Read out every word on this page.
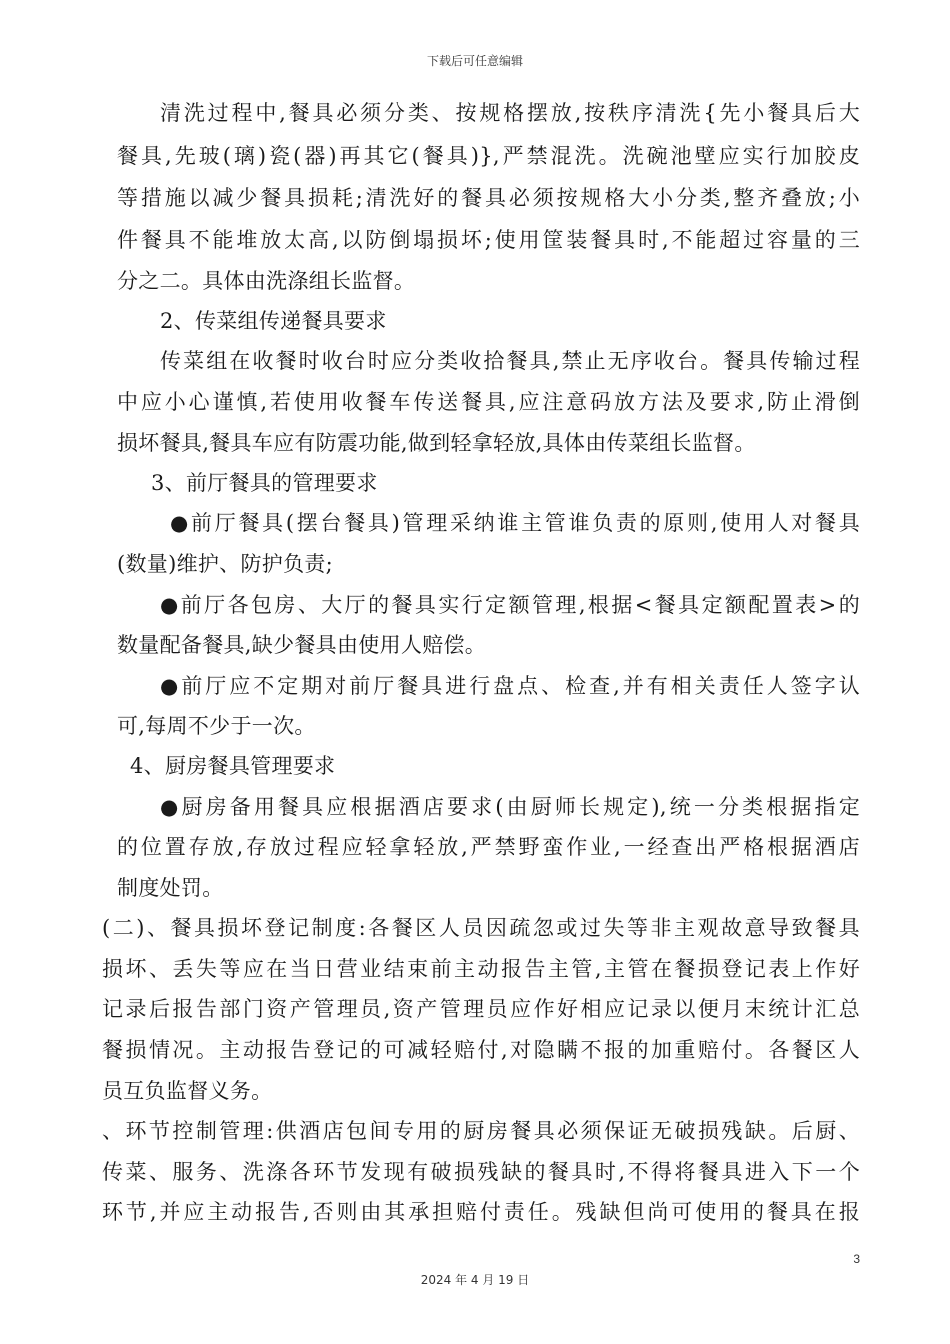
下载后可任意编辑
清洗过程中,餐具必须分类、按规格摆放,按秩序清洗{先小餐具后大
餐具,先玻(璃)瓷(器)再其它(餐具)},严禁混洗。洗碗池壁应实行加胶皮
等措施以减少餐具损耗;清洗好的餐具必须按规格大小分类,整齐叠放;小
件餐具不能堆放太高,以防倒塌损坏;使用筐装餐具时,不能超过容量的三
分之二。具体由洗涤组长监督。
2、传菜组传递餐具要求
传菜组在收餐时收台时应分类收拾餐具,禁止无序收台。餐具传输过程
中应小心谨慎,若使用收餐车传送餐具,应注意码放方法及要求,防止滑倒
损坏餐具,餐具车应有防震功能,做到轻拿轻放,具体由传菜组长监督。
3、前厅餐具的管理要求
●前厅餐具(摆台餐具)管理采纳谁主管谁负责的原则,使用人对餐具
(数量)维护、防护负责;
●前厅各包房、大厅的餐具实行定额管理,根据<餐具定额配置表>的
数量配备餐具,缺少餐具由使用人赔偿。
●前厅应不定期对前厅餐具进行盘点、检查,并有相关责任人签字认
可,每周不少于一次。
4、厨房餐具管理要求
●厨房备用餐具应根据酒店要求(由厨师长规定),统一分类根据指定
的位置存放,存放过程应轻拿轻放,严禁野蛮作业,一经查出严格根据酒店
制度处罚。
(二)、餐具损坏登记制度:各餐区人员因疏忽或过失等非主观故意导致餐具
损坏、丢失等应在当日营业结束前主动报告主管,主管在餐损登记表上作好
记录后报告部门资产管理员,资产管理员应作好相应记录以便月末统计汇总
餐损情况。主动报告登记的可减轻赔付,对隐瞒不报的加重赔付。各餐区人
员互负监督义务。
、环节控制管理:供酒店包间专用的厨房餐具必须保证无破损残缺。后厨、
传菜、服务、洗涤各环节发现有破损残缺的餐具时,不得将餐具进入下一个
环节,并应主动报告,否则由其承担赔付责任。残缺但尚可使用的餐具在报
3
2024 年 4 月 19 日
